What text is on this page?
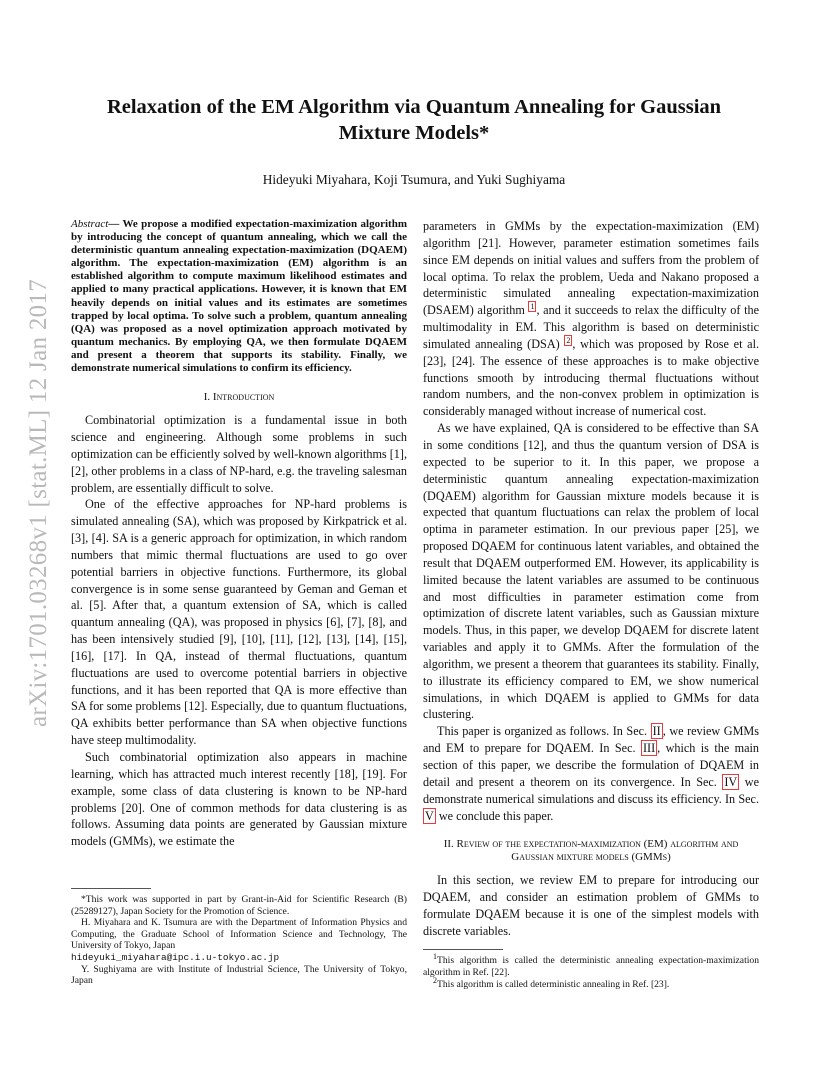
arXiv:1701.03268v1 [stat.ML] 12 Jan 2017
Relaxation of the EM Algorithm via Quantum Annealing for Gaussian Mixture Models*
Hideyuki Miyahara, Koji Tsumura, and Yuki Sughiyama

Abstract— We propose a modified expectation-maximization algorithm by introducing the concept of quantum annealing, which we call the deterministic quantum annealing expectation-maximization (DQAEM) algorithm. The expectation-maximization (EM) algorithm is an established algorithm to compute maximum likelihood estimates and applied to many practical applications. However, it is known that EM heavily depends on initial values and its estimates are sometimes trapped by local optima. To solve such a problem, quantum annealing (QA) was proposed as a novel optimization approach motivated by quantum mechanics. By employing QA, we then formulate DQAEM and present a theorem that supports its stability. Finally, we demonstrate numerical simulations to confirm its efficiency.

I. Introduction

Combinatorial optimization is a fundamental issue in both science and engineering. Although some problems in such optimization can be efficiently solved by well-known algorithms [1], [2], other problems in a class of NP-hard, e.g. the traveling salesman problem, are essentially difficult to solve.

One of the effective approaches for NP-hard problems is simulated annealing (SA), which was proposed by Kirkpatrick et al. [3], [4]. SA is a generic approach for optimization, in which random numbers that mimic thermal fluctuations are used to go over potential barriers in objective functions. Furthermore, its global convergence is in some sense guaranteed by Geman and Geman et al. [5]. After that, a quantum extension of SA, which is called quantum annealing (QA), was proposed in physics [6], [7], [8], and has been intensively studied [9], [10], [11], [12], [13], [14], [15], [16], [17]. In QA, instead of thermal fluctuations, quantum fluctuations are used to overcome potential barriers in objective functions, and it has been reported that QA is more effective than SA for some problems [12]. Especially, due to quantum fluctuations, QA exhibits better performance than SA when objective functions have steep multimodality.

Such combinatorial optimization also appears in machine learning, which has attracted much interest recently [18], [19]. For example, some class of data clustering is known to be NP-hard problems [20]. One of common methods for data clustering is as follows. Assuming data points are generated by Gaussian mixture models (GMMs), we estimate the

*This work was supported in part by Grant-in-Aid for Scientific Research (B) (25289127), Japan Society for the Promotion of Science.

H. Miyahara and K. Tsumura are with the Department of Information Physics and Computing, the Graduate School of Information Science and Technology, The University of Tokyo, Japan
hideyuki_miyahara@ipc.i.u-tokyo.ac.jp

Y. Sughiyama are with Institute of Industrial Science, The University of Tokyo, Japan

parameters in GMMs by the expectation-maximization (EM) algorithm [21]. However, parameter estimation sometimes fails since EM depends on initial values and suffers from the problem of local optima. To relax the problem, Ueda and Nakano proposed a deterministic simulated annealing expectation-maximization (DSAEM) algorithm $^1$ , and it succeeds to relax the difficulty of the multimodality in EM. This algorithm is based on deterministic simulated annealing (DSA) $^2$ , which was proposed by Rose et al. [23], [24]. The essence of these approaches is to make objective functions smooth by introducing thermal fluctuations without random numbers, and the non-convex problem in optimization is considerably managed without increase of numerical cost.

As we have explained, QA is considered to be effective than SA in some conditions [12], and thus the quantum version of DSA is expected to be superior to it. In this paper, we propose a deterministic quantum annealing expectation-maximization (DQAEM) algorithm for Gaussian mixture models because it is expected that quantum fluctuations can relax the problem of local optima in parameter estimation. In our previous paper [25], we proposed DQAEM for continuous latent variables, and obtained the result that DQAEM outperformed EM. However, its applicability is limited because the latent variables are assumed to be continuous and most difficulties in parameter estimation come from optimization of discrete latent variables, such as Gaussian mixture models. Thus, in this paper, we develop DQAEM for discrete latent variables and apply it to GMMs. After the formulation of the algorithm, we present a theorem that guarantees its stability. Finally, to illustrate its efficiency compared to EM, we show numerical simulations, in which DQAEM is applied to GMMs for data clustering.

This paper is organized as follows. In Sec. II , we review GMMs and EM to prepare for DQAEM. In Sec. III , which is the main section of this paper, we describe the formulation of DQAEM in detail and present a theorem on its convergence. In Sec. IV we demonstrate numerical simulations and discuss its efficiency. In Sec. V we conclude this paper.

II. Review of the expectation-maximization (EM) algorithm and Gaussian mixture models (GMMs)

In this section, we review EM to prepare for introducing our DQAEM, and consider an estimation problem of GMMs to formulate DQAEM because it is one of the simplest models with discrete variables.

$^1$This algorithm is called the deterministic annealing expectation-maximization algorithm in Ref. [22].

$^2$This algorithm is called deterministic annealing in Ref. [23].
